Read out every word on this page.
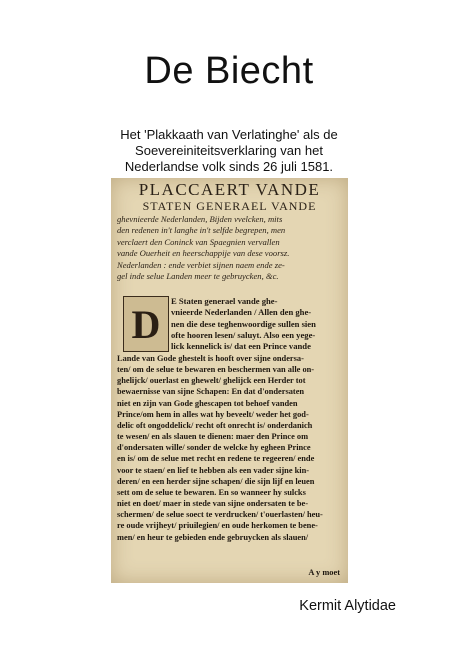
De Biecht
Het 'Plakkaath van Verlatinghe' als de
Soevereiniteitsverklaring van het
Nederlandse volk sinds 26 juli 1581.
PLACCAERT VANDE
STATEN GENERAEL VANDE
ghevnieerde Nederlanden, Bijden vvelcken, mits
den redenen in't langhe in't selfde begrepen, men
verclaert den Coninck van Spaegnien vervallen
vande Ouerheit en heerschappije van dese voorsz.
Nederlanden : ende verbiet sijnen naem ende ze-
gel inde selue Landen meer te gebruycken, &c.
D
E Staten generael vande ghe-
vnieerde Nederlanden / Allen den ghe-
nen die dese teghenwoordige sullen sien
ofte hooren lesen/ saluyt. Also een yege-
lick kennelick is/ dat een Prince vande
Lande van Gode ghestelt is hooft over sijne ondersa-
ten/ om de selue te bewaren en beschermen van alle on-
ghelijck/ ouerlast en ghewelt/ ghelijck een Herder tot
bewaernisse van sijne Schapen: En dat d'ondersaten
niet en zijn van Gode ghescapen tot behoef vanden
Prince/om hem in alles wat hy beveelt/ weder het god-
delic oft ongoddelick/ recht oft onrecht is/ onderdanich
te wesen/ en als slauen te dienen: maer den Prince om
d'ondersaten wille/ sonder de welcke hy egheen Prince
en is/ om de selue met recht en redene te regeeren/ ende
voor te staen/ en lief te hebben als een vader sijne kin-
deren/ en een herder sijne schapen/ die sijn lijf en leuen
sett om de selue te bewaren. En so wanneer hy sulcks
niet en doet/ maer in stede van sijne ondersaten te be-
schermen/ de selue soect te verdrucken/ t'ouerlasten/ heu-
re oude vrijheyt/ priuilegien/ en oude herkomen te bene-
men/ en heur te gebieden ende gebruycken als slauen/
A y moet
Kermit Alytidae
